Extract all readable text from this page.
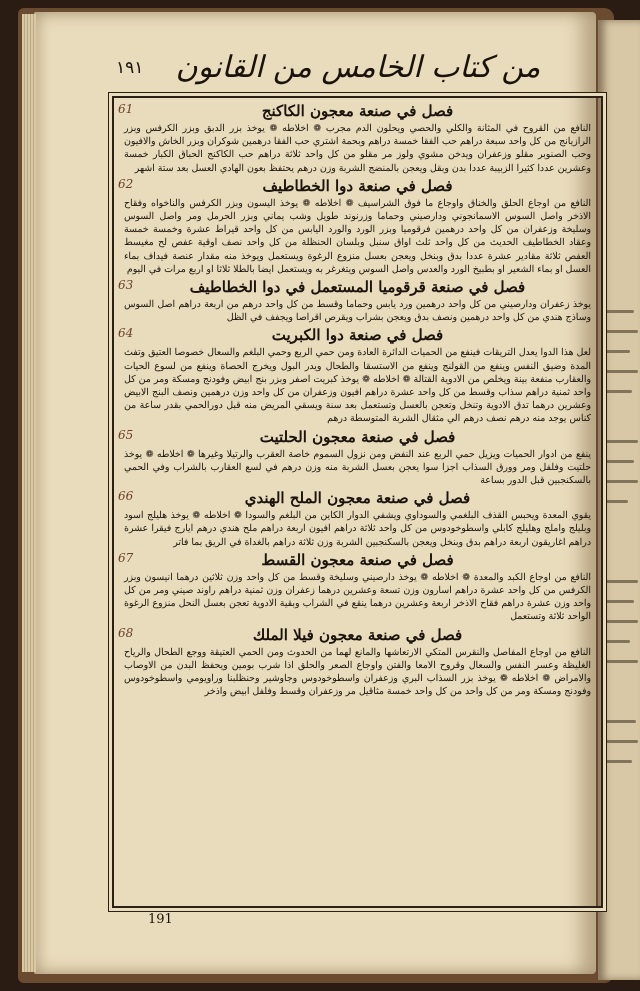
من كتاب الخامس من القانون
١٩١
61	فصل في صنعة معجون الكاكنج
النافع من القروح في المثانة والكلي والحصي ويحلون الدم مجرب ❁ اخلاطه ❁ يوخذ بزر الدبق وبزر الكرفس وبزر الرازيانج من كل واحد سبعة دراهم حب الفقا خمسة دراهم وبحمة اشتري حب الفقا درهمين شوكران وبزر الخاش والافيون وحب الصنوبر مقلو وزعفران ويدخن مشوي ولوز مر مقلو من كل واحد ثلاثة دراهم حب الكاكنج الحباق الكبار خمسة وعشرين عددا كثيرا الزبيبة عددا بدن وبقل ويعجن بالمنضج الشربة وزن درهم يحتفظ بعون الهادي العسل بعد ستة اشهر
62	فصل في صنعة دوا الخطاطيف
النافع من اوجاع الحلق والخناق واوجاع ما فوق الشراسيف ❁ اخلاطه ❁ يوخذ اليسون وبزر الكرفس والناخواه وفقاح الاذخر واصل السوس الاسمانجوني ودارصيني وحماما وزرنوند طويل وشب يماني وبزر الحرمل ومر واصل السوس وسليخة وزعفران من كل واحد درهمين فرقوميا وبزر الورد والورد اليابس من كل واحد قيراط عشرة وخمسة خمسة وعقاد الخطاطيف الحديث من كل واحد ثلث اواق سنبل وبلسان الحنظلة من كل واحد نصف اوقية عفص لح مغيسط العفص ثلاثة مقادير عشرة عددا بدق وبنخل ويعجن بعسل منزوع الرغوة ويستعمل ويوخذ منه مقدار عنصة فيداف بماء العسل او بماء الشعير او بطبيخ الورد والعدس واصل السوس ويتغرغر به ويستعمل ايضا بالطلا ثلاثا او اربع مرات في اليوم
63	فصل في صنعة قرقوميا المستعمل في دوا الخطاطيف
يوخذ زعفران ودارصيني من كل واحد درهمين ورد يابس وحماما وقسط من كل واحد درهم من اربعة دراهم اصل السوس وساذج هندي من كل واحد درهمين ونصف بدق ويعجن بشراب ويقرص اقراصا ويجفف في الظل
64	فصل في صنعة دوا الكبريت
لعل هذا الدوا يعدل التريقات فينفع من الحميات الدائرة العادة ومن حمي الربع وحمي البلغم والسعال خصوصا العتيق وتفث المدة وضيق النفس وينفع من القولنج وينفع من الاستسقا والطحال ويدر البول ويخرج الحصاة وينفع من لسوع الحيات والعقارب منفعة بينة ويخلص من الادوية القتالة ❁ اخلاطه ❁ يوخذ كبريت اصفر وبزر بنج ابيض وفودنج ومسكة ومر من كل واحد ثمنية دراهم سذاب وقسط من كل واحد عشرة دراهم افيون وزعفران من كل واحد وزن درهمين ونصف البنج الابيض وعشرين درهما تدق الادوية وتنخل وتعجن بالعسل وتستعمل بعد سنة ويسقي المريض منه قبل دورالحمي بقدر ساعة من كناس يوجد منه درهم نصف درهم الي مثقال الشربة المتوسطة درهم
65	فصل في صنعة معجون الحلتيت
ينفع من ادوار الحميات ويزيل حمي الربع عند النفض ومن نزول السموم خاصة العقرب والرتيلا وغيرها ❁ اخلاطه ❁ يوخذ حلتيت وفلفل ومر وورق السذاب اجزا سوا يعجن بعسل الشربة منه وزن درهم في لسع العقارب بالشراب وفي الحمي بالسكنجبين قبل الدور بساعة
66	فصل في صنعة معجون الملح الهندي
يقوي المعدة ويحبس القذف البلغمي والسوداوي ويشفي الدوار الكاين من البلغم والسودا ❁ اخلاطه ❁ يوخذ هليلج اسود وبليلج واملج وهليلج كابلي واسطوخودوس من كل واحد ثلاثة دراهم افيون اربعة دراهم ملح هندي درهم ايارج فيقرا عشرة دراهم اغاريقون اربعة دراهم بدق وبنخل ويعجن بالسكنجبين الشربة وزن ثلاثة دراهم بالغداة في الريق بما فاتر
67	فصل في صنعة معجون القسط
النافع من اوجاع الكبد والمعدة ❁ اخلاطه ❁ يوخذ دارصيني وسليخة وقسط من كل واحد وزن ثلاثين درهما انيسون وبزر الكرفس من كل واحد عشرة دراهم اسارون وزن تسعة وعشرين درهما زعفران وزن ثمنية دراهم راوند صيني ومر من كل واحد وزن عشرة دراهم فقاح الاذخر اربعة وعشرين درهما ينقع في الشراب وبقية الادوية تعجن بعسل النحل منزوع الرغوة الواحد ثلاثة وتستعمل
68	فصل في صنعة معجون فيلا الملك
النافع من اوجاع المفاصل والنقرس المتكي الارتعاشها والمانع لهما من الحدوث ومن الحمي العتيقة ووجع الطحال والرياح الغليظة وعسر النفس والسعال وقروح الامعا والفتن واوجاع الصعر والحلق اذا شرب بومين ويحفظ البدن من الاوصاب والامراض ❁ اخلاطه ❁ يوخذ بزر السذاب البري وزعفران واسطوخودوس وجاوشير وحنظلبنا وراويومي واسطوخودوس وفودنج ومسكة ومر من كل واحد من كل واحد خمسة مثاقيل مر وزعفران وقسط وفلفل ابيض واذخر
191
